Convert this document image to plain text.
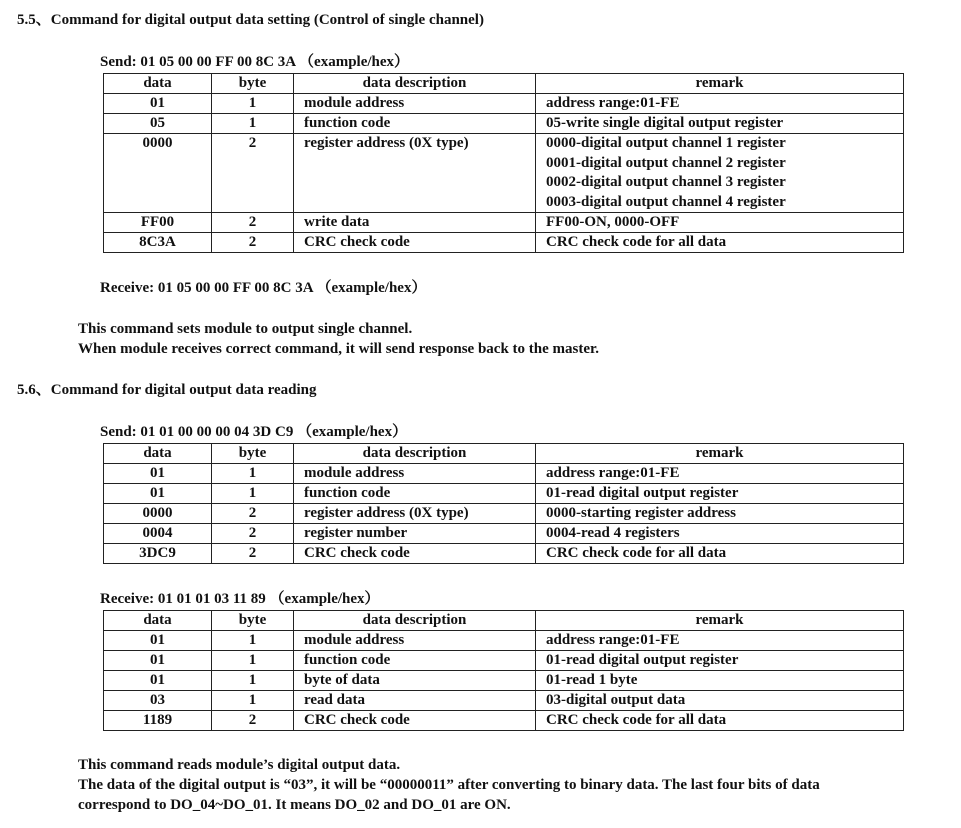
5.5、Command for digital output data setting (Control of single channel)
Send: 01 05 00 00 FF 00 8C 3A （example/hex）
data	byte	data description	remark
01	1	module address	address range:01-FE
05	1	function code	05-write single digital output register
0000	2	register address (0X type)	0000-digital output channel 1 register
0001-digital output channel 2 register
0002-digital output channel 3 register
0003-digital output channel 4 register

FF00	2	write data	FF00-ON, 0000-OFF
8C3A	2	CRC check code	CRC check code for all data
Receive: 01 05 00 00 FF 00 8C 3A （example/hex）
This command sets module to output single channel.
When module receives correct command, it will send response back to the master.
5.6、Command for digital output data reading
Send: 01 01 00 00 00 04 3D C9 （example/hex）
data	byte	data description	remark
01	1	module address	address range:01-FE
01	1	function code	01-read digital output register
0000	2	register address (0X type)	0000-starting register address
0004	2	register number	0004-read 4 registers
3DC9	2	CRC check code	CRC check code for all data
Receive: 01 01 01 03 11 89 （example/hex）
data	byte	data description	remark
01	1	module address	address range:01-FE
01	1	function code	01-read digital output register
01	1	byte of data	01-read 1 byte
03	1	read data	03-digital output data
1189	2	CRC check code	CRC check code for all data
This command reads module’s digital output data.
The data of the digital output is “03”, it will be “00000011” after converting to binary data. The last four bits of data
correspond to DO_04~DO_01. It means DO_02 and DO_01 are ON.
